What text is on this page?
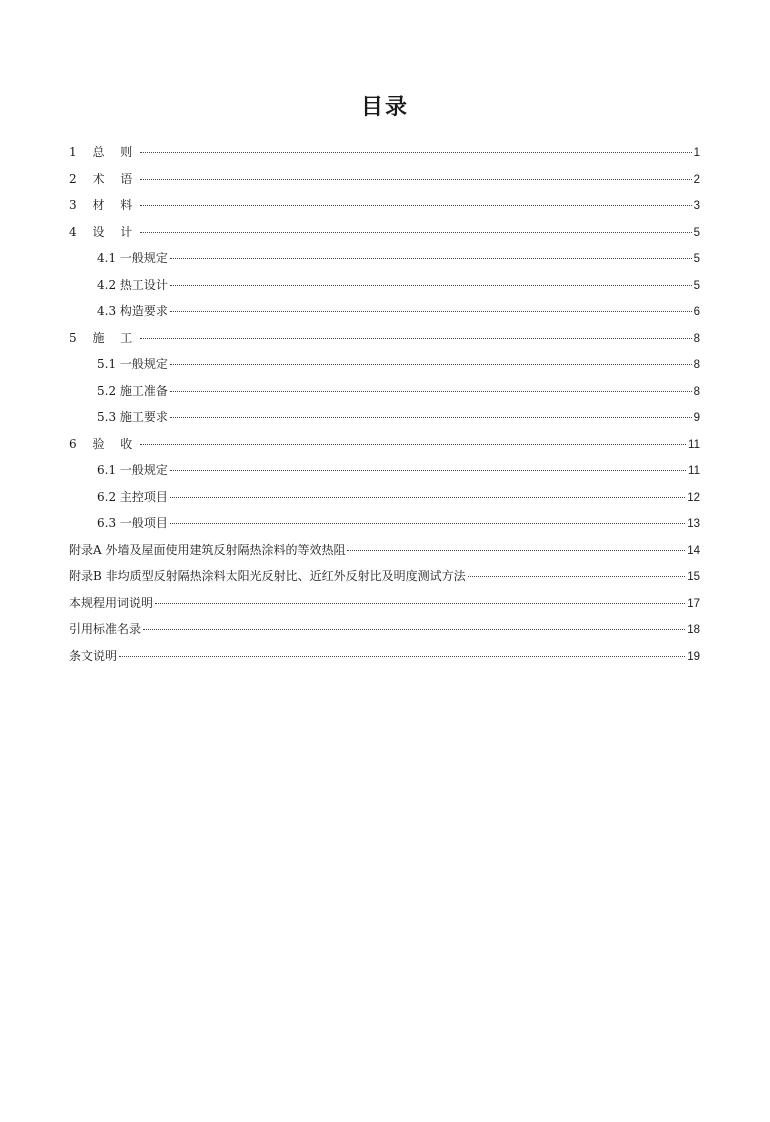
目录
1 总 则	1
2 术 语	2
3 材 料	3
4 设 计	5
4.1 一般规定	5
4.2 热工设计	5
4.3 构造要求	6
5 施 工	8
5.1 一般规定	8
5.2 施工准备	8
5.3 施工要求	9
6 验 收	11
6.1 一般规定	11
6.2 主控项目	12
6.3 一般项目	13
附录A 外墙及屋面使用建筑反射隔热涂料的等效热阻	14
附录B 非均质型反射隔热涂料太阳光反射比、近红外反射比及明度测试方法	15
本规程用词说明	17
引用标准名录	18
条文说明	19
